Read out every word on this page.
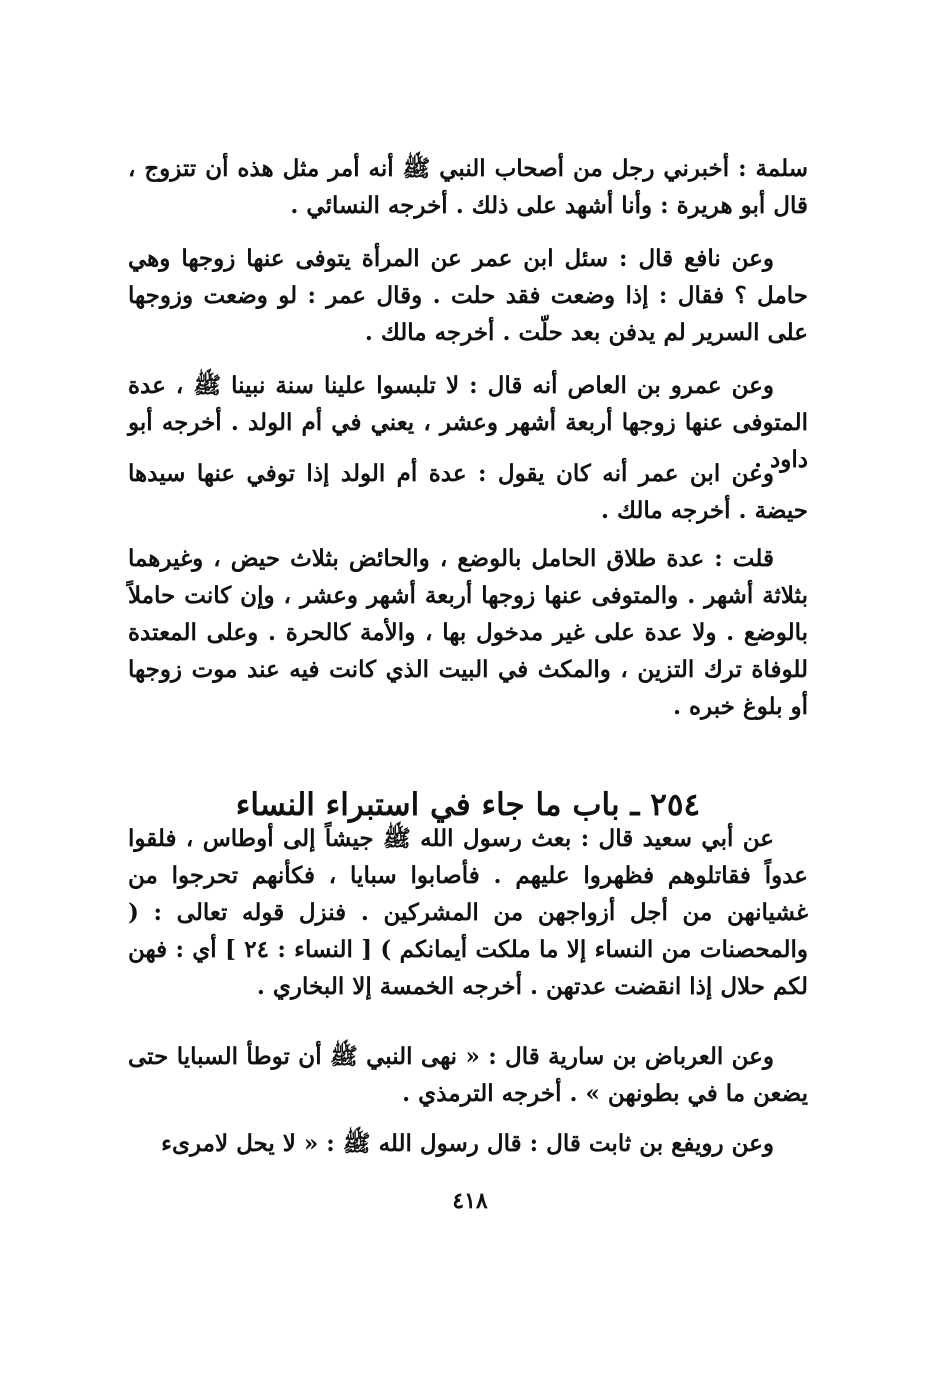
سلمة : أخبرني رجل من أصحاب النبي ﷺ أنه أمر مثل هذه أن تتزوج ، قال أبو هريرة : وأنا أشهد على ذلك . أخرجه النسائي .

وعن نافع قال : سئل ابن عمر عن المرأة يتوفى عنها زوجها وهي حامل ؟ فقال : إذا وضعت فقد حلت . وقال عمر : لو وضعت وزوجها على السرير لم يدفن بعد حلّت . أخرجه مالك .

وعن عمرو بن العاص أنه قال : لا تلبسوا علينا سنة نبينا ﷺ ، عدة المتوفى عنها زوجها أربعة أشهر وعشر ، يعني في أم الولد . أخرجه أبو داود .

وعن ابن عمر أنه كان يقول : عدة أم الولد إذا توفي عنها سيدها حيضة . أخرجه مالك .

قلت : عدة طلاق الحامل بالوضع ، والحائض بثلاث حيض ، وغيرهما بثلاثة أشهر . والمتوفى عنها زوجها أربعة أشهر وعشر ، وإن كانت حاملاً بالوضع . ولا عدة على غير مدخول بها ، والأمة كالحرة . وعلى المعتدة للوفاة ترك التزين ، والمكث في البيت الذي كانت فيه عند موت زوجها أو بلوغ خبره .

٢٥٤ ـ باب ما جاء في استبراء النساء

عن أبي سعيد قال : بعث رسول الله ﷺ جيشاً إلى أوطاس ، فلقوا عدواً فقاتلوهم فظهروا عليهم . فأصابوا سبايا ، فكأنهم تحرجوا من غشيانهن من أجل أزواجهن من المشركين . فنزل قوله تعالى : ( والمحصنات من النساء إلا ما ملكت أيمانكم ) [ النساء : ٢٤ ] أي : فهن لكم حلال إذا انقضت عدتهن . أخرجه الخمسة إلا البخاري .

وعن العرباض بن سارية قال : « نهى النبي ﷺ أن توطأ السبايا حتى يضعن ما في بطونهن » . أخرجه الترمذي .

وعن رويفع بن ثابت قال : قال رسول الله ﷺ : « لا يحل لامرىء

٤١٨
